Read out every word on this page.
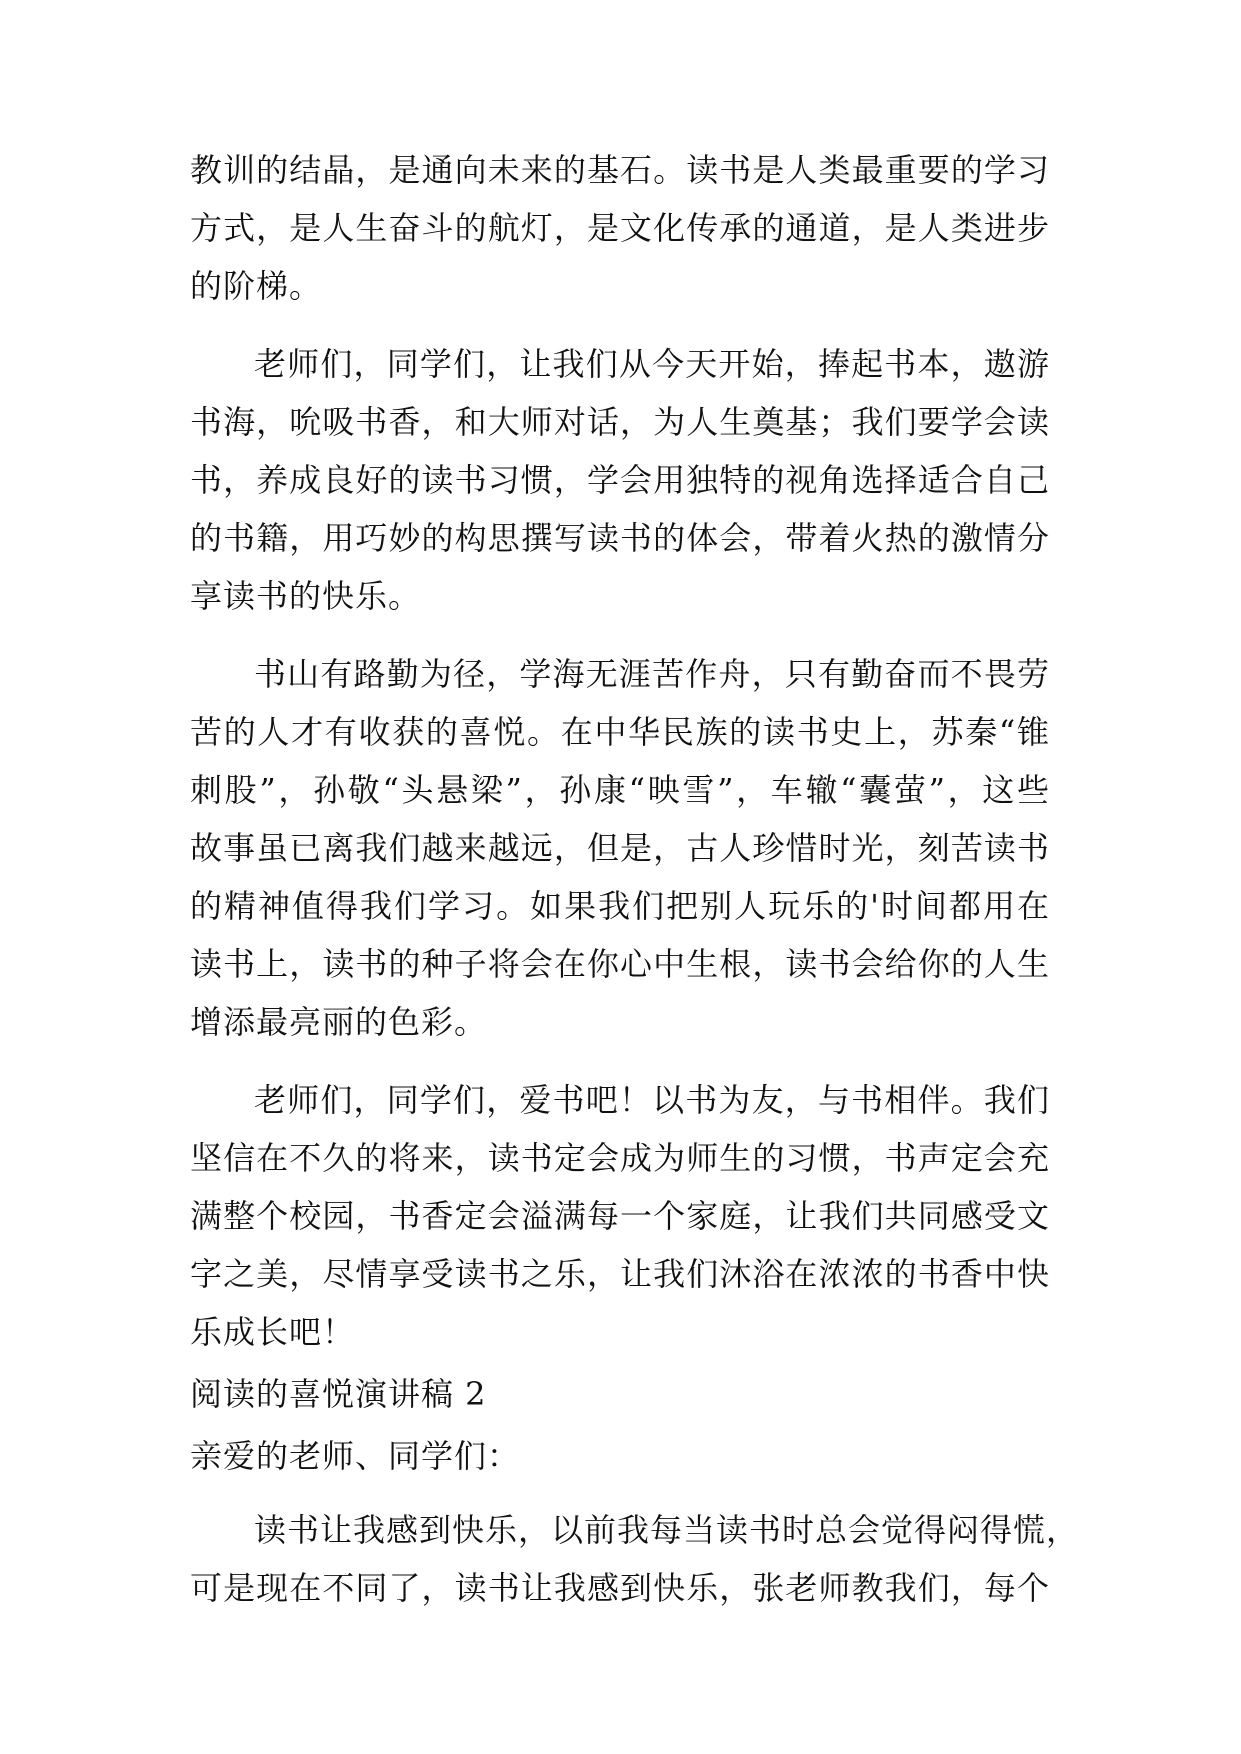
教训的结晶，是通向未来的基石。读书是人类最重要的学习
方式，是人生奋斗的航灯，是文化传承的通道，是人类进步
的阶梯。
老师们，同学们，让我们从今天开始，捧起书本，遨游
书海，吮吸书香，和大师对话，为人生奠基；我们要学会读
书，养成良好的读书习惯，学会用独特的视角选择适合自己
的书籍，用巧妙的构思撰写读书的体会，带着火热的激情分
享读书的快乐。
书山有路勤为径，学海无涯苦作舟，只有勤奋而不畏劳
苦的人才有收获的喜悦。在中华民族的读书史上，苏秦“锥
刺股”，孙敬“头悬梁”，孙康“映雪”，车辙“囊萤”，这些
故事虽已离我们越来越远，但是，古人珍惜时光，刻苦读书
的精神值得我们学习。如果我们把别人玩乐的'时间都用在
读书上，读书的种子将会在你心中生根，读书会给你的人生
增添最亮丽的色彩。
老师们，同学们，爱书吧！以书为友，与书相伴。我们
坚信在不久的将来，读书定会成为师生的习惯，书声定会充
满整个校园，书香定会溢满每一个家庭，让我们共同感受文
字之美，尽情享受读书之乐，让我们沐浴在浓浓的书香中快
乐成长吧！
阅读的喜悦演讲稿 2
亲爱的老师、同学们：
读书让我感到快乐，以前我每当读书时总会觉得闷得慌，
可是现在不同了，读书让我感到快乐，张老师教我们，每个
